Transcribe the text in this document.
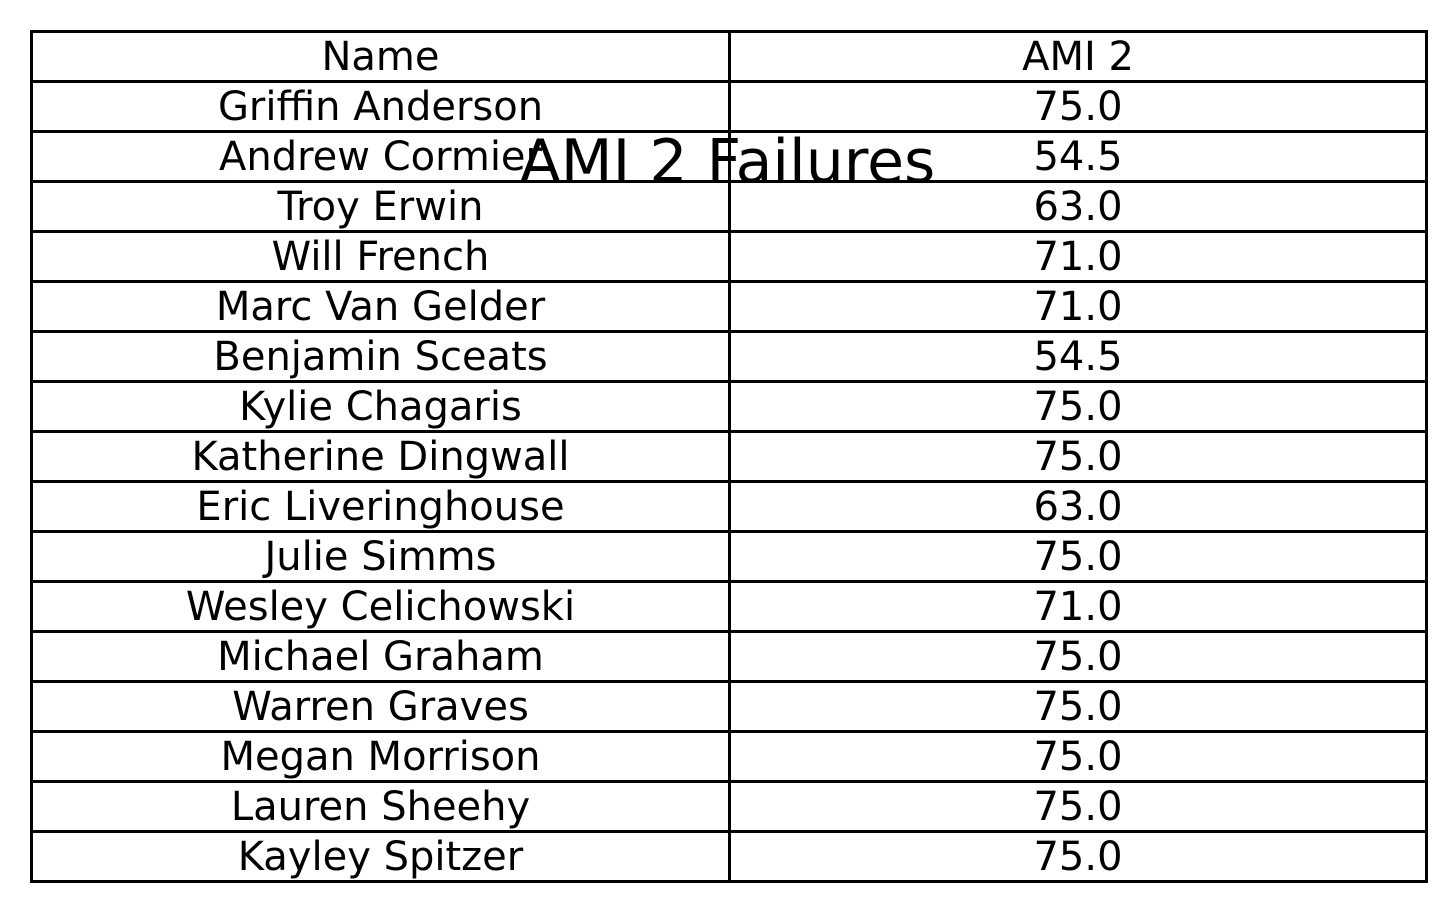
Name	AMI 2
Griffin Anderson	75.0
Andrew Cormier	54.5
Troy Erwin	63.0
Will French	71.0
Marc Van Gelder	71.0
Benjamin Sceats	54.5
Kylie Chagaris	75.0
Katherine Dingwall	75.0
Eric Liveringhouse	63.0
Julie Simms	75.0
Wesley Celichowski	71.0
Michael Graham	75.0
Warren Graves	75.0
Megan Morrison	75.0
Lauren Sheehy	75.0
Kayley Spitzer	75.0
AMI 2 Failures
